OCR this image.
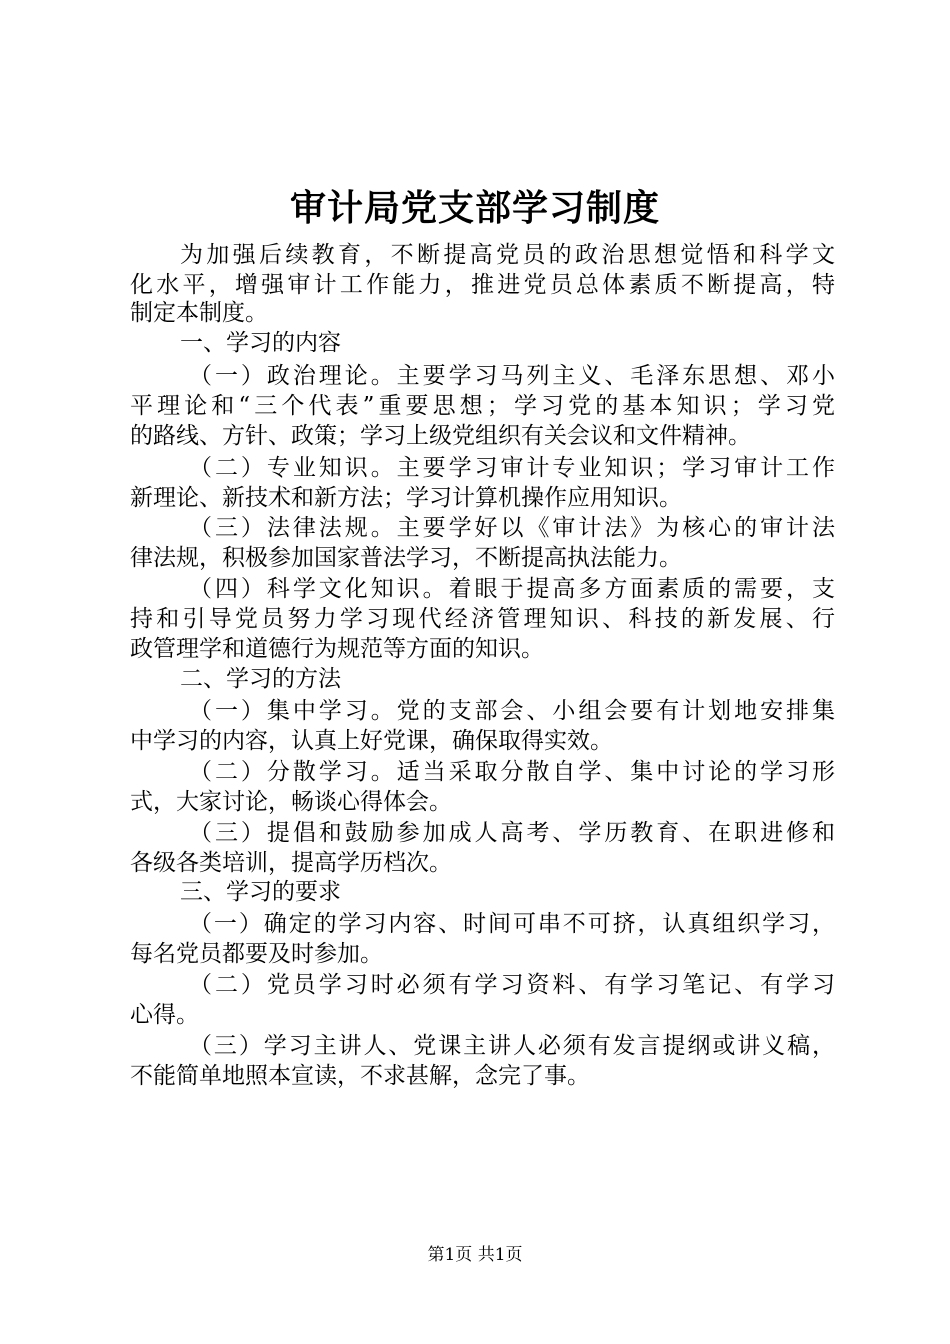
审计局党支部学习制度
为加强后续教育，不断提高党员的政治思想觉悟和科学文
化水平，增强审计工作能力，推进党员总体素质不断提高，特
制定本制度。
一、学习的内容
（一）政治理论。主要学习马列主义、毛泽东思想、邓小
平理论和“三个代表”重要思想；学习党的基本知识；学习党
的路线、方针、政策；学习上级党组织有关会议和文件精神。
（二）专业知识。主要学习审计专业知识；学习审计工作
新理论、新技术和新方法；学习计算机操作应用知识。
（三）法律法规。主要学好以《审计法》为核心的审计法
律法规，积极参加国家普法学习，不断提高执法能力。
（四）科学文化知识。着眼于提高多方面素质的需要，支
持和引导党员努力学习现代经济管理知识、科技的新发展、行
政管理学和道德行为规范等方面的知识。
二、学习的方法
（一）集中学习。党的支部会、小组会要有计划地安排集
中学习的内容，认真上好党课，确保取得实效。
（二）分散学习。适当采取分散自学、集中讨论的学习形
式，大家讨论，畅谈心得体会。
（三）提倡和鼓励参加成人高考、学历教育、在职进修和
各级各类培训，提高学历档次。
三、学习的要求
（一）确定的学习内容、时间可串不可挤，认真组织学习，
每名党员都要及时参加。
（二）党员学习时必须有学习资料、有学习笔记、有学习
心得。
（三）学习主讲人、党课主讲人必须有发言提纲或讲义稿，
不能简单地照本宣读，不求甚解，念完了事。
第1页 共1页
